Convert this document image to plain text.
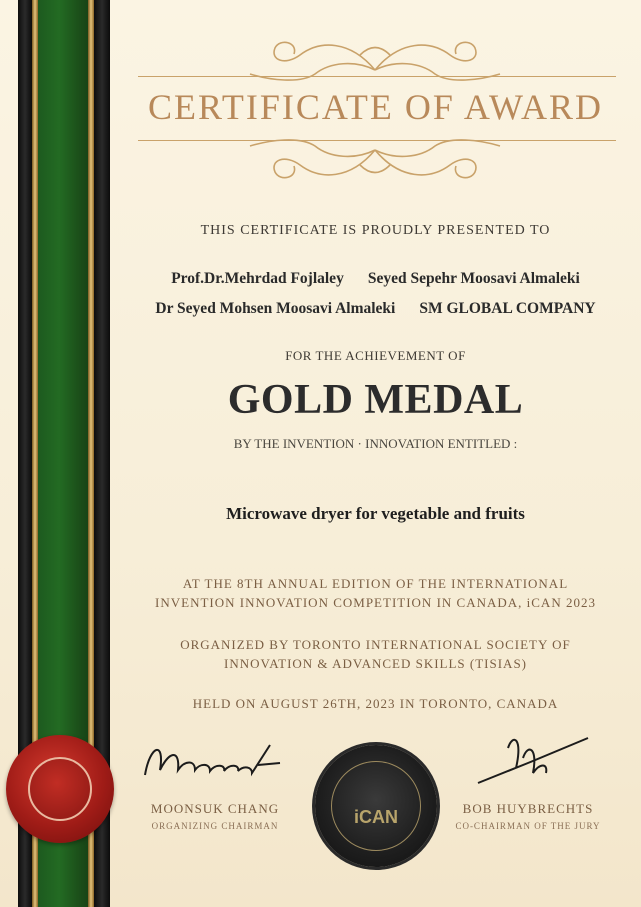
CERTIFICATE OF AWARD

THIS CERTIFICATE IS PROUDLY PRESENTED TO

Prof.Dr.Mehrdad Fojlaley Seyed Sepehr Moosavi Almaleki
Dr Seyed Mohsen Moosavi Almaleki SM GLOBAL COMPANY

FOR THE ACHIEVEMENT OF

GOLD MEDAL

BY THE INVENTION · INNOVATION ENTITLED :

Microwave dryer for vegetable and fruits

AT THE 8TH ANNUAL EDITION OF THE INTERNATIONAL
INVENTION INNOVATION COMPETITION IN CANADA, iCAN 2023
ORGANIZED BY TORONTO INTERNATIONAL SOCIETY OF
INNOVATION & ADVANCED SKILLS (TISIAS)

HELD ON AUGUST 26TH, 2023 IN TORONTO, CANADA

MOONSUK CHANG
ORGANIZING CHAIRMAN
BOB HUYBRECHTS
CO-CHAIRMAN OF THE JURY
iCAN
